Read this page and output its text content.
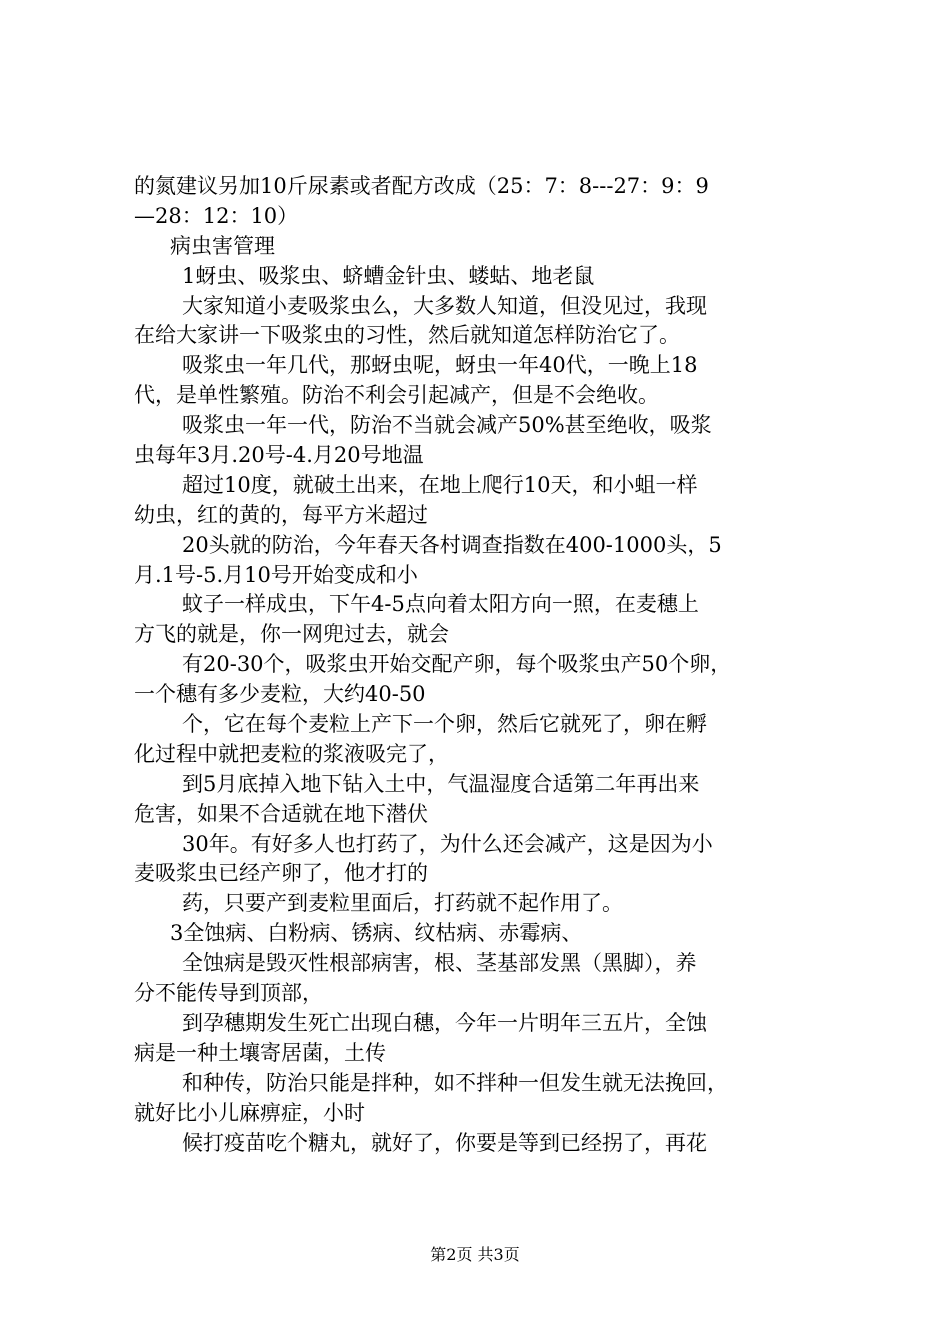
的氮建议另加10斤尿素或者配方改成（25：7：8---27：9：9
—28：12：10）
病虫害管理
1蚜虫、吸浆虫、蛴螬金针虫、蝼蛄、地老鼠
大家知道小麦吸浆虫么，大多数人知道，但没见过，我现
在给大家讲一下吸浆虫的习性，然后就知道怎样防治它了。
吸浆虫一年几代，那蚜虫呢，蚜虫一年40代，一晚上18
代，是单性繁殖。防治不利会引起减产，但是不会绝收。
吸浆虫一年一代，防治不当就会减产50%甚至绝收，吸浆
虫每年3月.20号-4.月20号地温
超过10度，就破土出来，在地上爬行10天，和小蛆一样
幼虫，红的黄的，每平方米超过
20头就的防治，今年春天各村调查指数在400-1000头，5
月.1号-5.月10号开始变成和小
蚊子一样成虫，下午4-5点向着太阳方向一照，在麦穗上
方飞的就是，你一网兜过去，就会
有20-30个，吸浆虫开始交配产卵，每个吸浆虫产50个卵，
一个穗有多少麦粒，大约40-50
个，它在每个麦粒上产下一个卵，然后它就死了，卵在孵
化过程中就把麦粒的浆液吸完了，
到5月底掉入地下钻入土中，气温湿度合适第二年再出来
危害，如果不合适就在地下潜伏
30年。有好多人也打药了，为什么还会减产，这是因为小
麦吸浆虫已经产卵了，他才打的
药，只要产到麦粒里面后，打药就不起作用了。
3全蚀病、白粉病、锈病、纹枯病、赤霉病、
全蚀病是毁灭性根部病害，根、茎基部发黑（黑脚），养
分不能传导到顶部，
到孕穗期发生死亡出现白穗，今年一片明年三五片，全蚀
病是一种土壤寄居菌，土传
和种传，防治只能是拌种，如不拌种一但发生就无法挽回，
就好比小儿麻痹症，小时
候打疫苗吃个糖丸，就好了，你要是等到已经拐了，再花
第2页 共3页
